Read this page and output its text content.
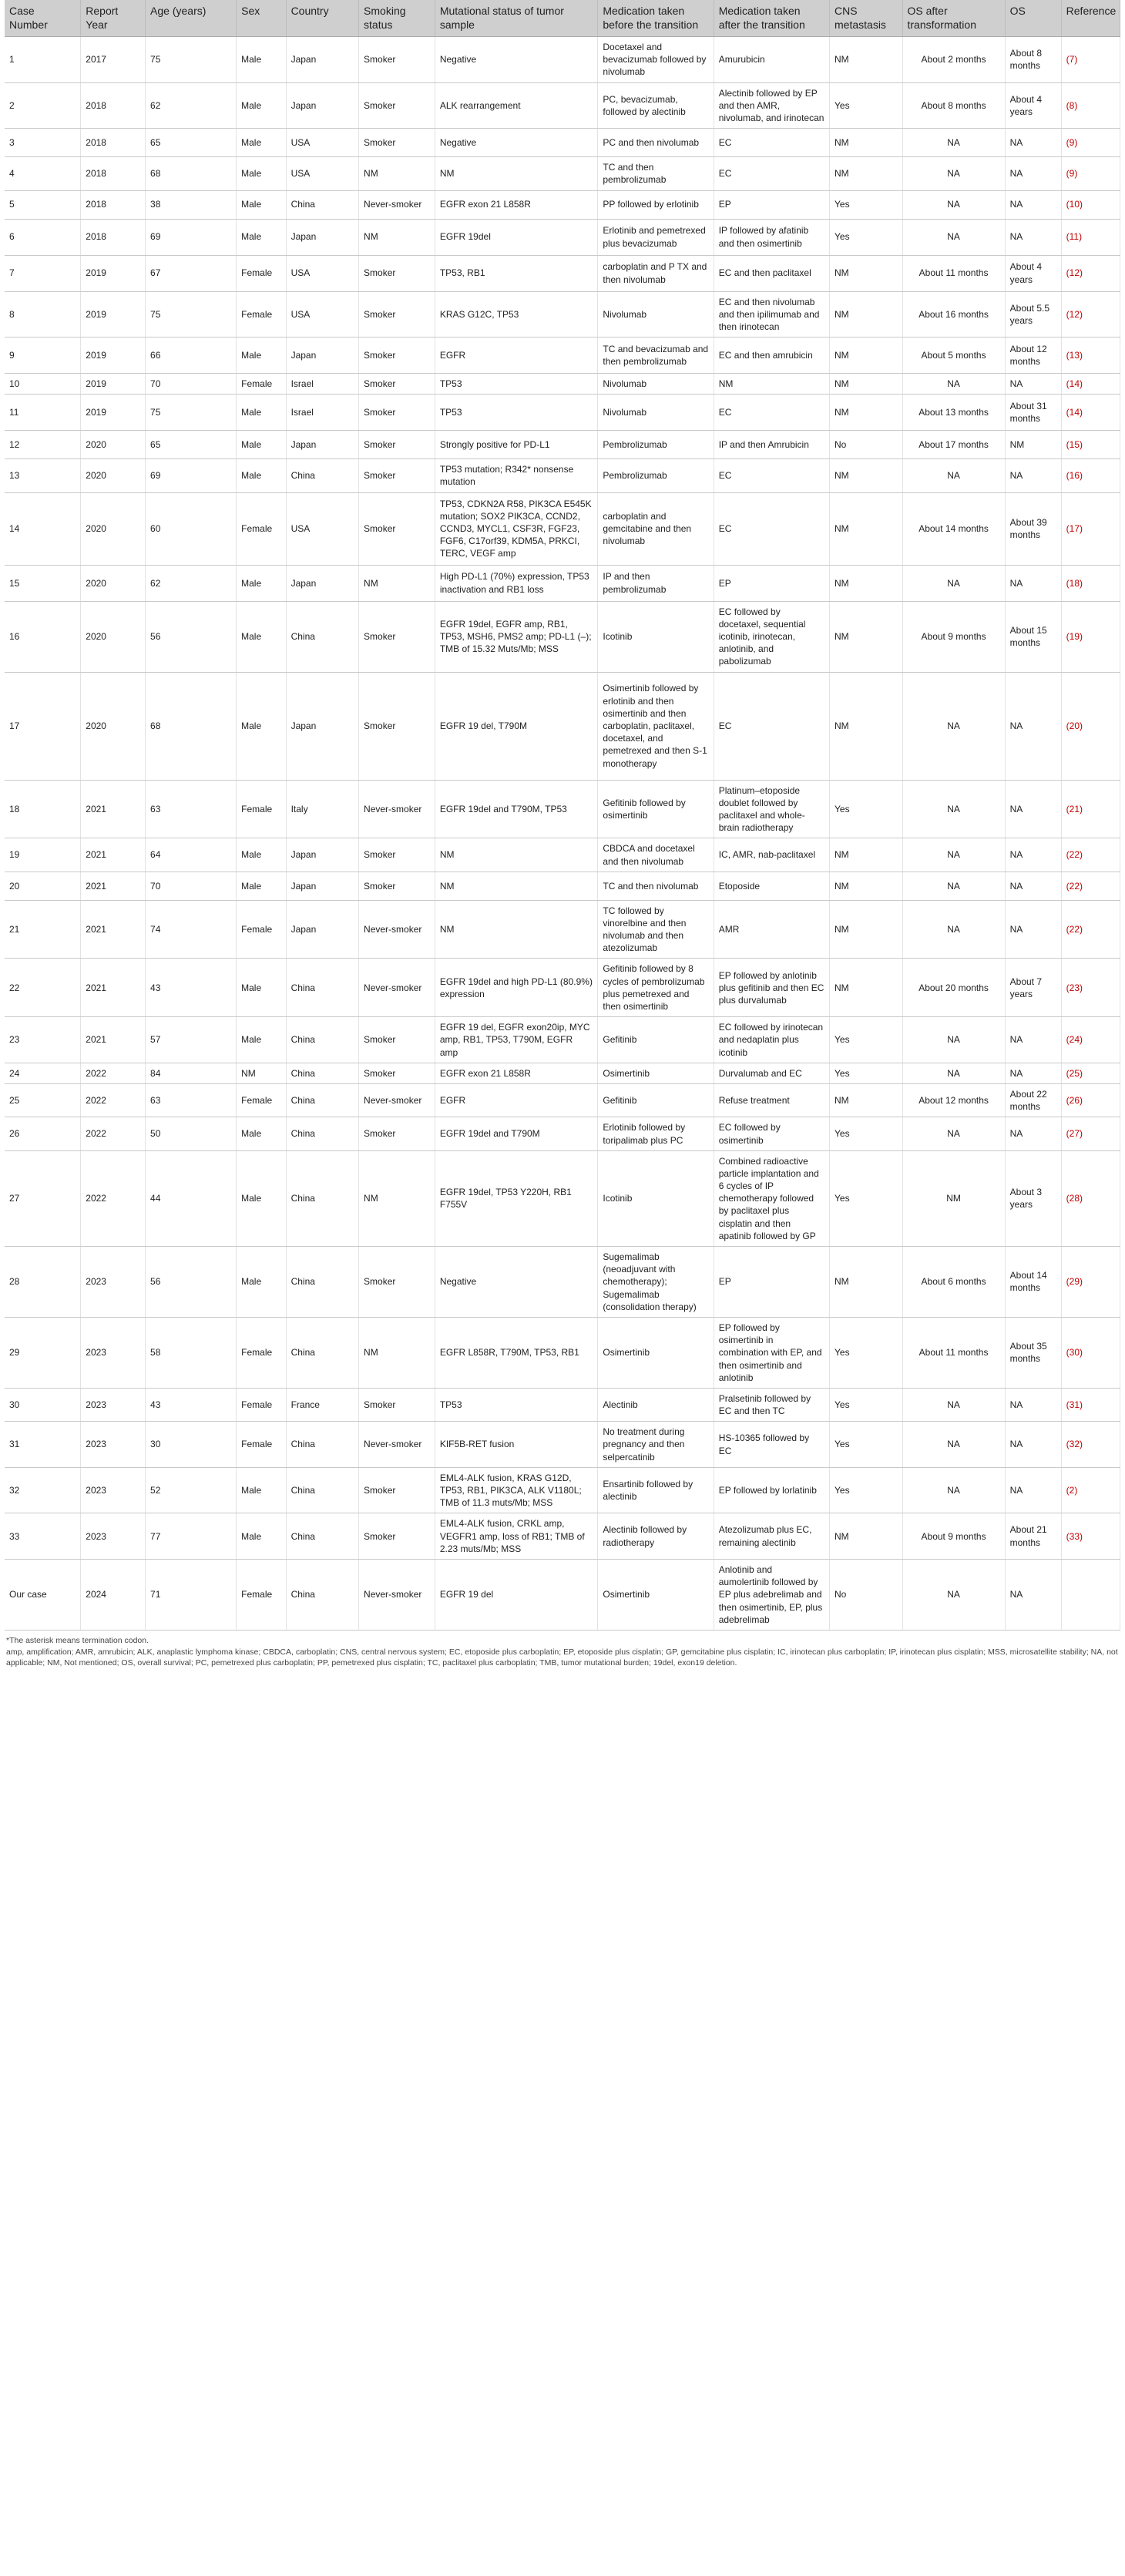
Case Number	Report Year	Age (years)	Sex	Country	Smoking status	Mutational status of tumor sample	Medication taken before the transition	Medication taken after the transition	CNS metastasis	OS after transformation	OS	Reference
1	2017	75	Male	Japan	Smoker	Negative	Docetaxel and bevacizumab followed by nivolumab	Amurubicin	NM	About 2 months	About 8 months	(7)
2	2018	62	Male	Japan	Smoker	ALK rearrangement	PC, bevacizumab, followed by alectinib	Alectinib followed by EP and then AMR, nivolumab, and irinotecan	Yes	About 8 months	About 4 years	(8)
3	2018	65	Male	USA	Smoker	Negative	PC and then nivolumab	EC	NM	NA	NA	(9)
4	2018	68	Male	USA	NM	NM	TC and then pembrolizumab	EC	NM	NA	NA	(9)
5	2018	38	Male	China	Never-smoker	EGFR exon 21 L858R	PP followed by erlotinib	EP	Yes	NA	NA	(10)
6	2018	69	Male	Japan	NM	EGFR 19del	Erlotinib and pemetrexed plus bevacizumab	IP followed by afatinib and then osimertinib	Yes	NA	NA	(11)
7	2019	67	Female	USA	Smoker	TP53, RB1	carboplatin and P TX and then nivolumab	EC and then paclitaxel	NM	About 11 months	About 4 years	(12)
8	2019	75	Female	USA	Smoker	KRAS G12C, TP53	Nivolumab	EC and then nivolumab and then ipilimumab and then irinotecan	NM	About 16 months	About 5.5 years	(12)
9	2019	66	Male	Japan	Smoker	EGFR	TC and bevacizumab and then pembrolizumab	EC and then amrubicin	NM	About 5 months	About 12 months	(13)
10	2019	70	Female	Israel	Smoker	TP53	Nivolumab	NM	NM	NA	NA	(14)
11	2019	75	Male	Israel	Smoker	TP53	Nivolumab	EC	NM	About 13 months	About 31 months	(14)
12	2020	65	Male	Japan	Smoker	Strongly positive for PD-L1	Pembrolizumab	IP and then Amrubicin	No	About 17 months	NM	(15)
13	2020	69	Male	China	Smoker	TP53 mutation; R342* nonsense mutation	Pembrolizumab	EC	NM	NA	NA	(16)
14	2020	60	Female	USA	Smoker	TP53, CDKN2A R58, PIK3CA E545K mutation; SOX2 PIK3CA, CCND2, CCND3, MYCL1, CSF3R, FGF23, FGF6, C17orf39, KDM5A, PRKCI, TERC, VEGF amp	carboplatin and gemcitabine and then nivolumab	EC	NM	About 14 months	About 39 months	(17)
15	2020	62	Male	Japan	NM	High PD-L1 (70%) expression, TP53 inactivation and RB1 loss	IP and then pembrolizumab	EP	NM	NA	NA	(18)
16	2020	56	Male	China	Smoker	EGFR 19del, EGFR amp, RB1, TP53, MSH6, PMS2 amp; PD-L1 (–); TMB of 15.32 Muts/Mb; MSS	Icotinib	EC followed by docetaxel, sequential icotinib, irinotecan, anlotinib, and pabolizumab	NM	About 9 months	About 15 months	(19)
17	2020	68	Male	Japan	Smoker	EGFR 19 del, T790M	Osimertinib followed by erlotinib and then osimertinib and then carboplatin, paclitaxel, docetaxel, and pemetrexed and then S-1 monotherapy	EC	NM	NA	NA	(20)
18	2021	63	Female	Italy	Never-smoker	EGFR 19del and T790M, TP53	Gefitinib followed by osimertinib	Platinum–etoposide doublet followed by paclitaxel and whole-brain radiotherapy	Yes	NA	NA	(21)
19	2021	64	Male	Japan	Smoker	NM	CBDCA and docetaxel and then nivolumab	IC, AMR, nab-paclitaxel	NM	NA	NA	(22)
20	2021	70	Male	Japan	Smoker	NM	TC and then nivolumab	Etoposide	NM	NA	NA	(22)
21	2021	74	Female	Japan	Never-smoker	NM	TC followed by vinorelbine and then nivolumab and then atezolizumab	AMR	NM	NA	NA	(22)
22	2021	43	Male	China	Never-smoker	EGFR 19del and high PD-L1 (80.9%) expression	Gefitinib followed by 8 cycles of pembrolizumab plus pemetrexed and then osimertinib	EP followed by anlotinib plus gefitinib and then EC plus durvalumab	NM	About 20 months	About 7 years	(23)
23	2021	57	Male	China	Smoker	EGFR 19 del, EGFR exon20ip, MYC amp, RB1, TP53, T790M, EGFR amp	Gefitinib	EC followed by irinotecan and nedaplatin plus icotinib	Yes	NA	NA	(24)
24	2022	84	NM	China	Smoker	EGFR exon 21 L858R	Osimertinib	Durvalumab and EC	Yes	NA	NA	(25)
25	2022	63	Female	China	Never-smoker	EGFR	Gefitinib	Refuse treatment	NM	About 12 months	About 22 months	(26)
26	2022	50	Male	China	Smoker	EGFR 19del and T790M	Erlotinib followed by toripalimab plus PC	EC followed by osimertinib	Yes	NA	NA	(27)
27	2022	44	Male	China	NM	EGFR 19del, TP53 Y220H, RB1 F755V	Icotinib	Combined radioactive particle implantation and 6 cycles of IP chemotherapy followed by paclitaxel plus cisplatin and then apatinib followed by GP	Yes	NM	About 3 years	(28)
28	2023	56	Male	China	Smoker	Negative	Sugemalimab (neoadjuvant with chemotherapy); Sugemalimab (consolidation therapy)	EP	NM	About 6 months	About 14 months	(29)
29	2023	58	Female	China	NM	EGFR L858R, T790M, TP53, RB1	Osimertinib	EP followed by osimertinib in combination with EP, and then osimertinib and anlotinib	Yes	About 11 months	About 35 months	(30)
30	2023	43	Female	France	Smoker	TP53	Alectinib	Pralsetinib followed by EC and then TC	Yes	NA	NA	(31)
31	2023	30	Female	China	Never-smoker	KIF5B-RET fusion	No treatment during pregnancy and then selpercatinib	HS-10365 followed by EC	Yes	NA	NA	(32)
32	2023	52	Male	China	Smoker	EML4-ALK fusion, KRAS G12D, TP53, RB1, PIK3CA, ALK V1180L; TMB of 11.3 muts/Mb; MSS	Ensartinib followed by alectinib	EP followed by lorlatinib	Yes	NA	NA	(2)
33	2023	77	Male	China	Smoker	EML4-ALK fusion, CRKL amp, VEGFR1 amp, loss of RB1; TMB of 2.23 muts/Mb; MSS	Alectinib followed by radiotherapy	Atezolizumab plus EC, remaining alectinib	NM	About 9 months	About 21 months	(33)
Our case	2024	71	Female	China	Never-smoker	EGFR 19 del	Osimertinib	Anlotinib and aumolertinib followed by EP plus adebrelimab and then osimertinib, EP, plus adebrelimab	No	NA	NA	

*The asterisk means termination codon.

amp, amplification; AMR, amrubicin; ALK, anaplastic lymphoma kinase; CBDCA, carboplatin; CNS, central nervous system; EC, etoposide plus carboplatin; EP, etoposide plus cisplatin; GP, gemcitabine plus cisplatin; IC, irinotecan plus carboplatin; IP, irinotecan plus cisplatin; MSS, microsatellite stability; NA, not applicable; NM, Not mentioned; OS, overall survival; PC, pemetrexed plus carboplatin; PP, pemetrexed plus cisplatin; TC, paclitaxel plus carboplatin; TMB, tumor mutational burden; 19del, exon19 deletion.
